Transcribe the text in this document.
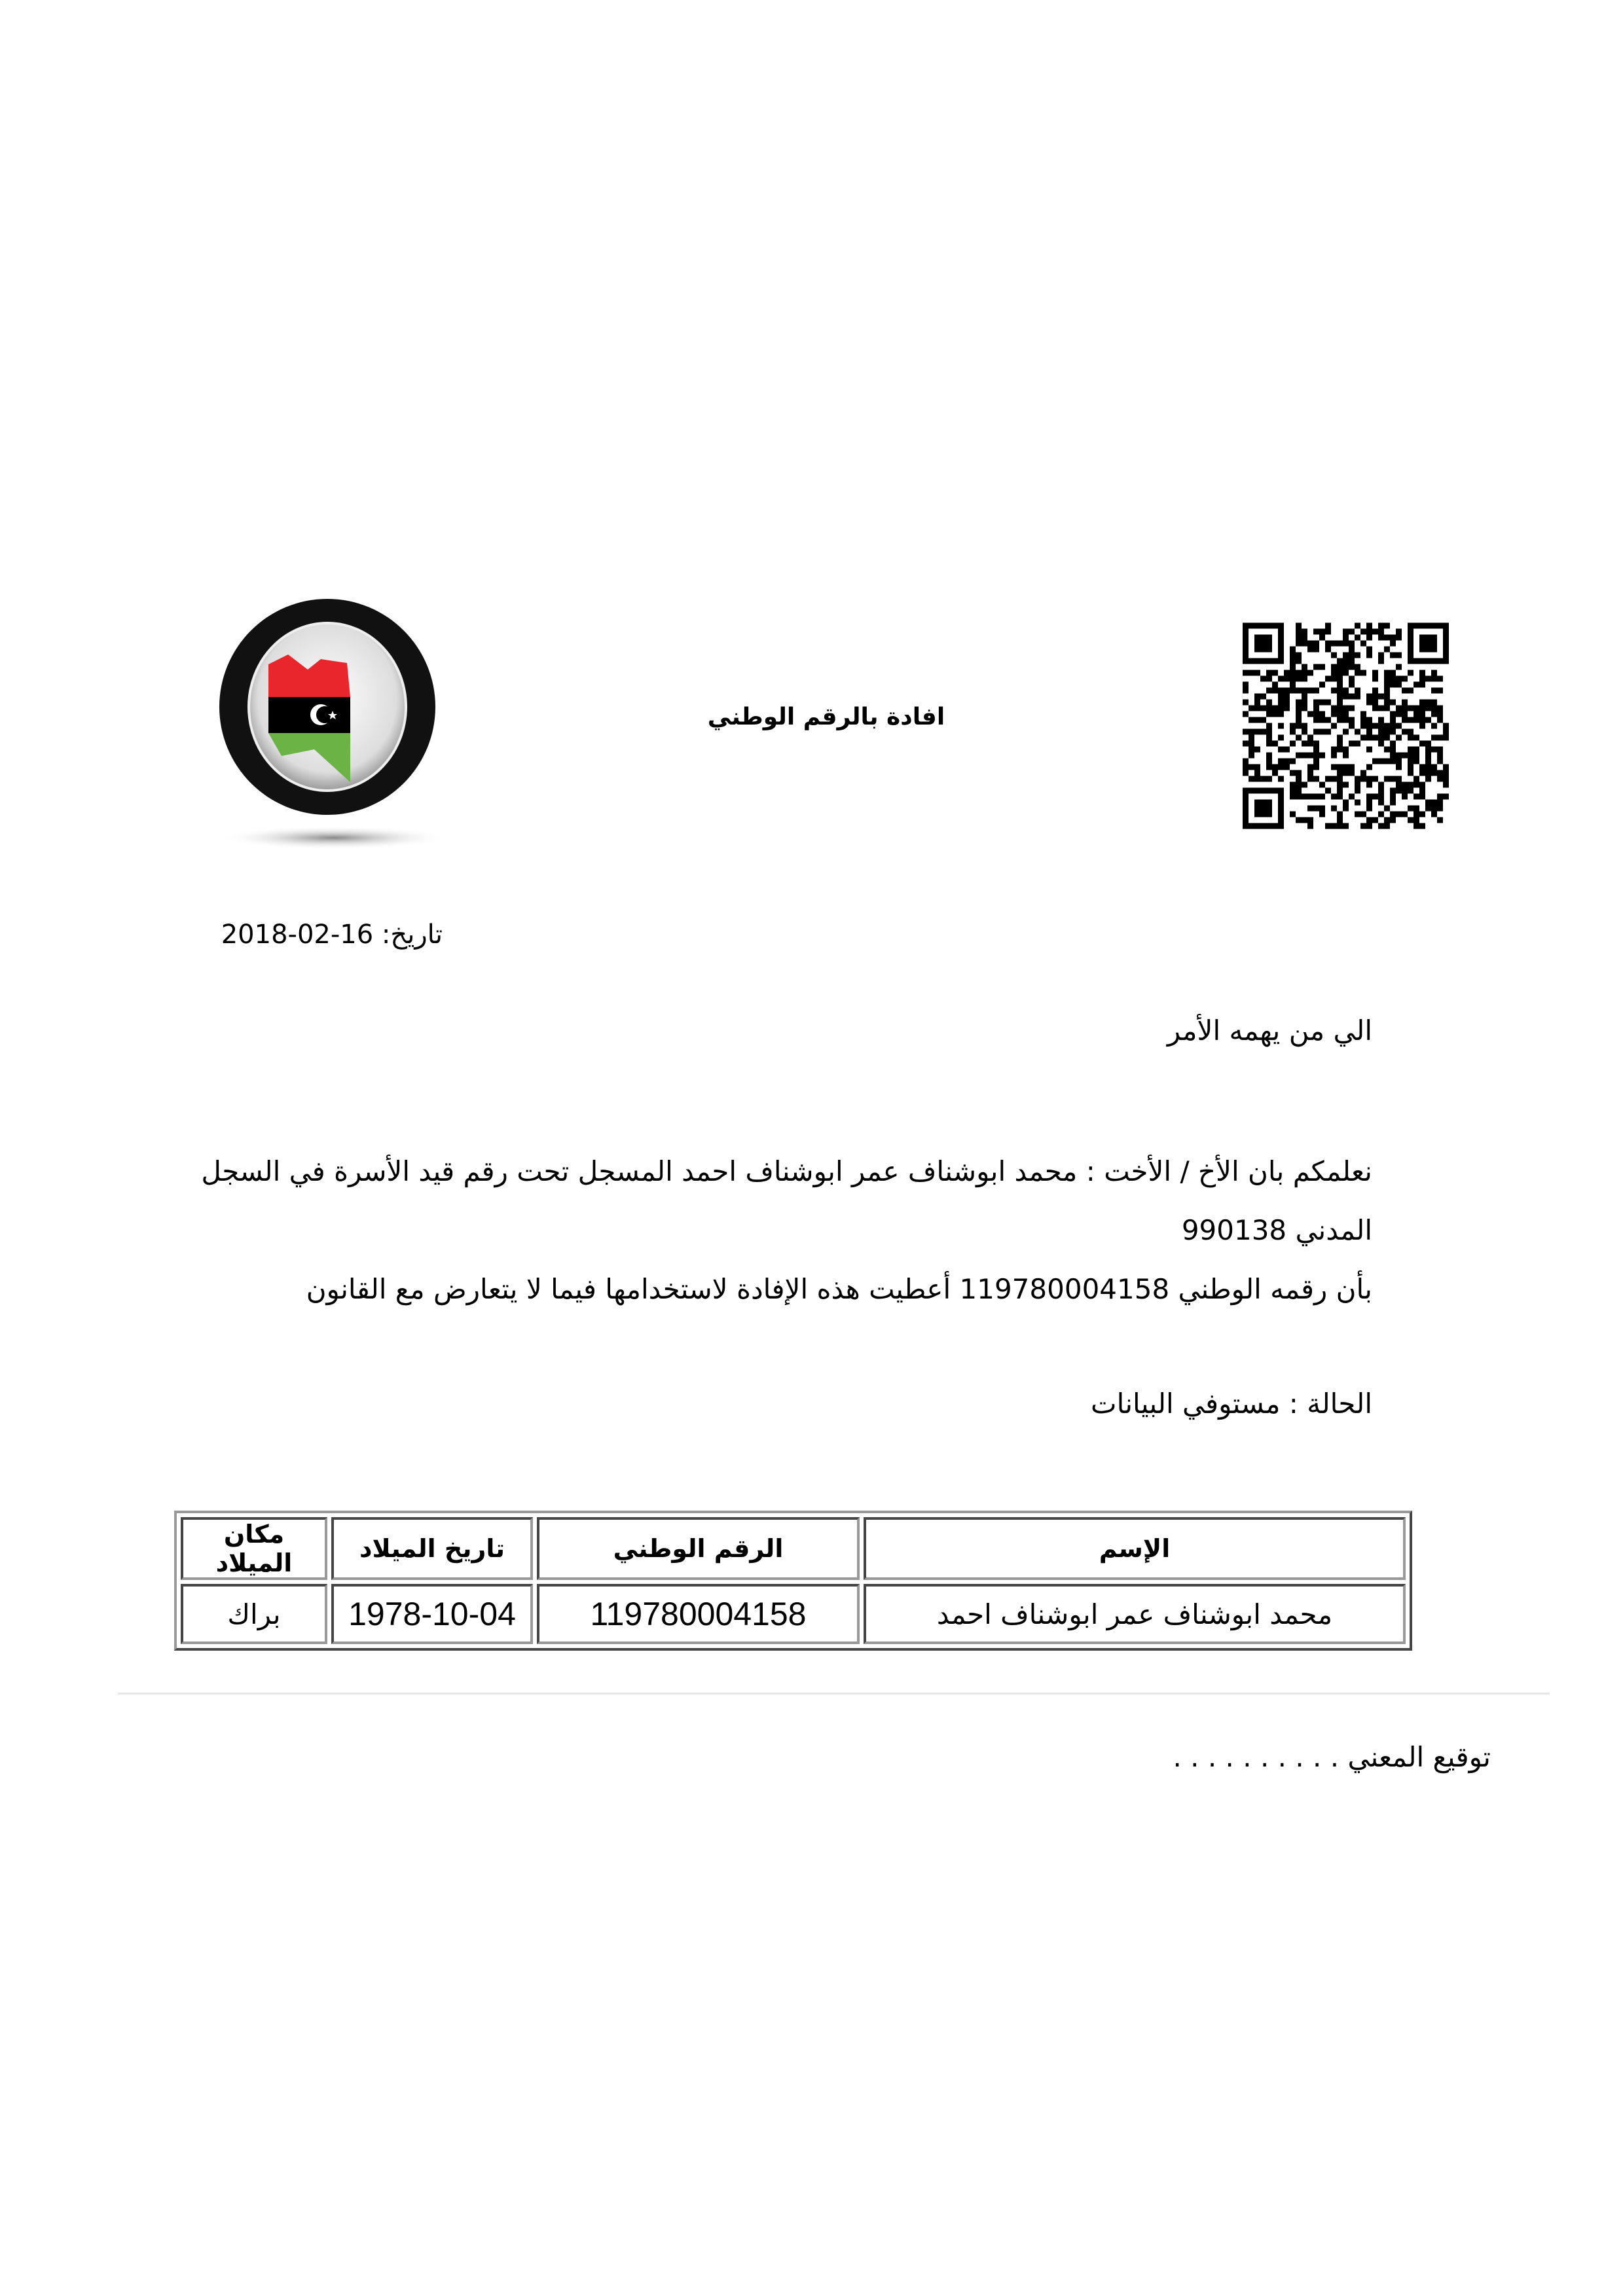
افادة بالرقم الوطني
تاريخ: 16-02-2018
الي من يهمه الأمر
نعلمكم بان الأخ / الأخت : محمد ابوشناف عمر ابوشناف احمد المسجل تحت رقم قيد الأسرة في السجل
المدني 990138
بأن رقمه الوطني 119780004158 أعطيت هذه الإفادة لاستخدامها فيما لا يتعارض مع القانون
الحالة : مستوفي البيانات
الإسم	الرقم الوطني	تاريخ الميلاد	مكان الميلاد
محمد ابوشناف عمر ابوشناف احمد	119780004158	1978-10-04	براك
توقيع المعني . . . . . . . . . .
